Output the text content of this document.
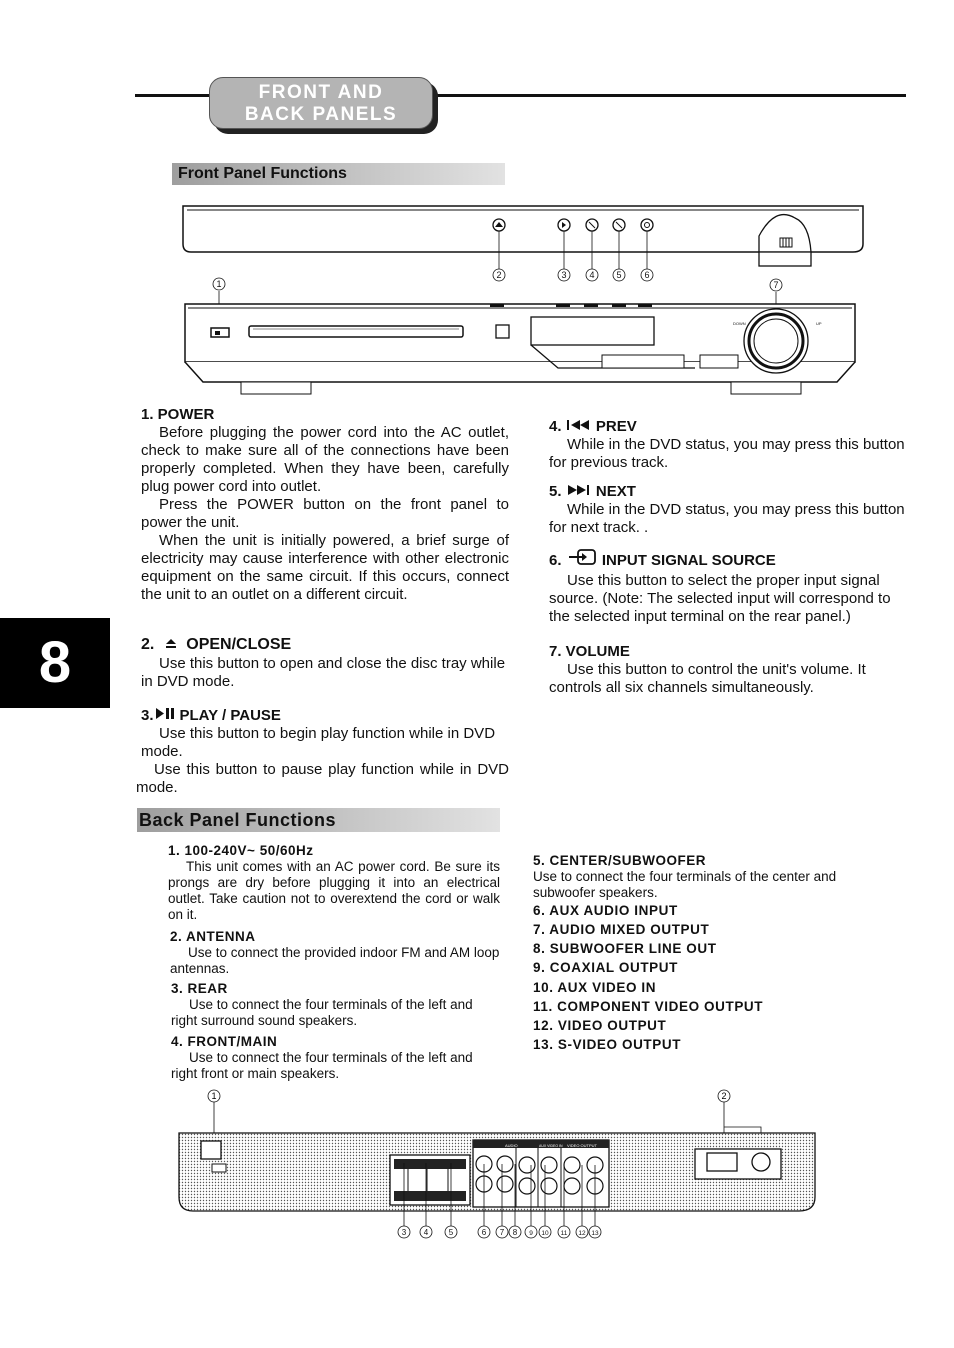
FRONT AND
BACK PANELS
Front Panel Functions
2	3	4 5	6
1	7
DOWN	UP

1. POWER

Before plugging the power cord into the AC outlet, check to make sure all of the connections have been properly completed. When they have been, carefully plug power cord into outlet.

Press the POWER button on the front panel to power the unit.

When the unit is initially powered, a brief surge of electricity may cause interference with other electronic equipment on the same circuit. If this occurs, connect the unit to an outlet on a different circuit.

2. OPEN/CLOSE

Use this button to open and close the disc tray while in DVD mode.

3. PLAY / PAUSE

Use this button to begin play function while in DVD mode.

Use this button to pause play function while in DVD mode.

4. PREV

While in the DVD status, you may press this button for previous track.

5. NEXT

While in the DVD status, you may press this button for next track. .

6.	INPUT SIGNAL SOURCE

Use this button to select the proper input signal source. (Note: The selected input will correspond to the selected input terminal on the rear panel.)

7. VOLUME

Use this button to control the unit's volume. It controls all six channels simultaneously.

8
Back Panel Functions

1. 100-240V~ 50/60Hz

This unit comes with an AC power cord. Be sure its prongs are dry before plugging it into an electrical outlet. Take caution not to overextend the cord or walk on it.

2. ANTENNA

Use to connect the provided indoor FM and AM loop antennas.

3. REAR

Use to connect the four terminals of the left and right surround sound speakers.

4. FRONT/MAIN

Use to connect the four terminals of the left and right front or main speakers.

5. CENTER/SUBWOOFER

Use to connect the four terminals of the center and subwoofer speakers.

6. AUX AUDIO INPUT
7. AUDIO MIXED OUTPUT
8. SUBWOOFER LINE OUT
9. COAXIAL OUTPUT
10. AUX VIDEO IN
11. COMPONENT VIDEO OUTPUT
12. VIDEO OUTPUT
13. S-VIDEO OUTPUT
1	2
AUDIO	AUX VIDEO IN VIDEO OUTPUT
3 4	5	6 7 8 9 10 11 12 13
